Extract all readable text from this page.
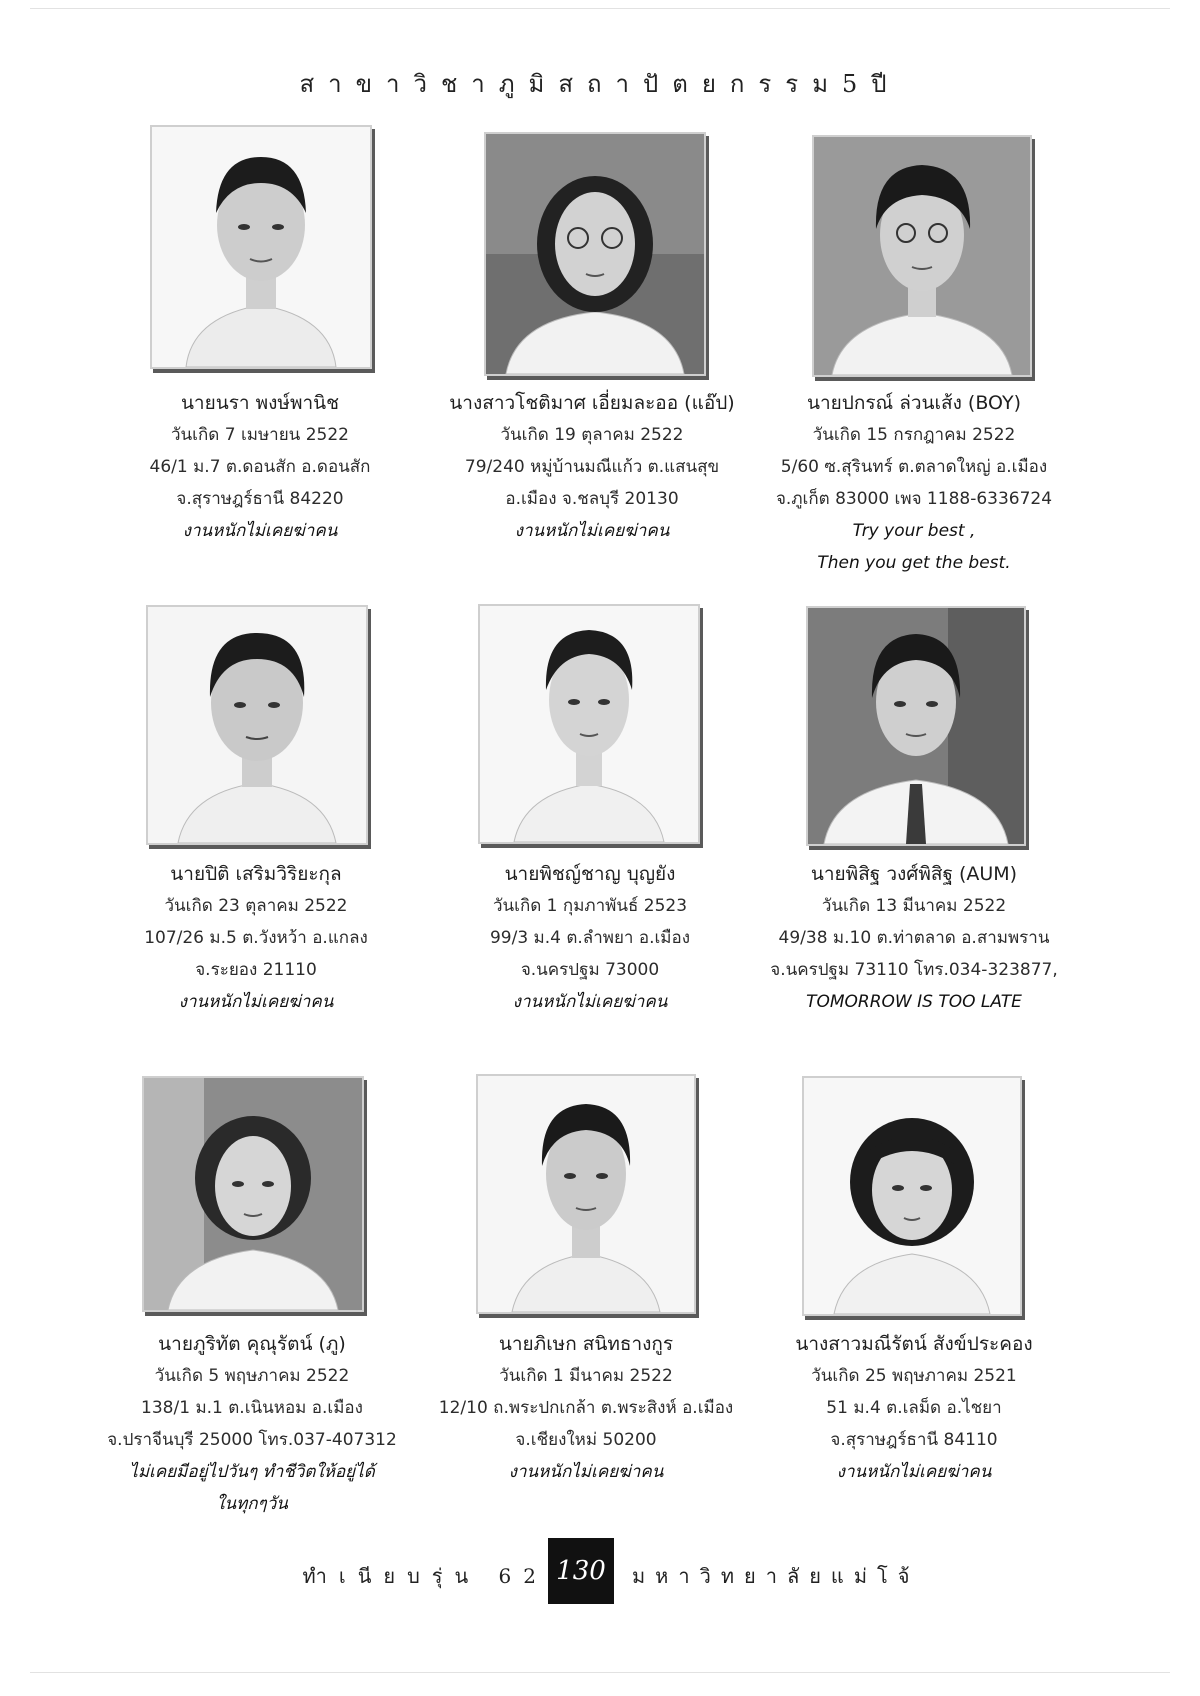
สาขาวิชาภูมิสถาปัตยกรรม5ปี
นายนรา พงษ์พานิช
วันเกิด 7 เมษายน 2522
46/1 ม.7 ต.ดอนสัก อ.ดอนสัก
จ.สุราษฎร์ธานี 84220
งานหนักไม่เคยฆ่าคน
นางสาวโชติมาศ เอี่ยมละออ (แอ๊ป)
วันเกิด 19 ตุลาคม 2522
79/240 หมู่บ้านมณีแก้ว ต.แสนสุข
อ.เมือง จ.ชลบุรี 20130
งานหนักไม่เคยฆ่าคน
นายปกรณ์ ล่วนเส้ง (BOY)
วันเกิด 15 กรกฎาคม 2522
5/60 ซ.สุรินทร์ ต.ตลาดใหญ่ อ.เมือง
จ.ภูเก็ต 83000 เพจ 1188-6336724
Try your best ,
Then you get the best.
นายปิติ เสริมวิริยะกุล
วันเกิด 23 ตุลาคม 2522
107/26 ม.5 ต.วังหว้า อ.แกลง
จ.ระยอง 21110
งานหนักไม่เคยฆ่าคน
นายพิชญ์ชาญ บุญยัง
วันเกิด 1 กุมภาพันธ์ 2523
99/3 ม.4 ต.ลำพยา อ.เมือง
จ.นครปฐม 73000
งานหนักไม่เคยฆ่าคน
นายพิสิฐ วงศ์พิสิฐ (AUM)
วันเกิด 13 มีนาคม 2522
49/38 ม.10 ต.ท่าตลาด อ.สามพราน
จ.นครปฐม 73110 โทร.034-323877,
TOMORROW IS TOO LATE
นายภูริทัต คุณุรัตน์ (ภู)
วันเกิด 5 พฤษภาคม 2522
138/1 ม.1 ต.เนินหอม อ.เมือง
จ.ปราจีนบุรี 25000 โทร.037-407312
ไม่เคยมีอยู่ไปวันๆ ทำชีวิตให้อยู่ได้
ในทุกๆวัน
นายภิเษก สนิทธางกูร
วันเกิด 1 มีนาคม 2522
12/10 ถ.พระปกเกล้า ต.พระสิงห์ อ.เมือง
จ.เชียงใหม่ 50200
งานหนักไม่เคยฆ่าคน
นางสาวมณีรัตน์ สังข์ประคอง
วันเกิด 25 พฤษภาคม 2521
51 ม.4 ต.เลม็ด อ.ไชยา
จ.สุราษฎร์ธานี 84110
งานหนักไม่เคยฆ่าคน
ทำเนียบรุ่น 62 130	มหาวิทยาลัยแม่โจ้
